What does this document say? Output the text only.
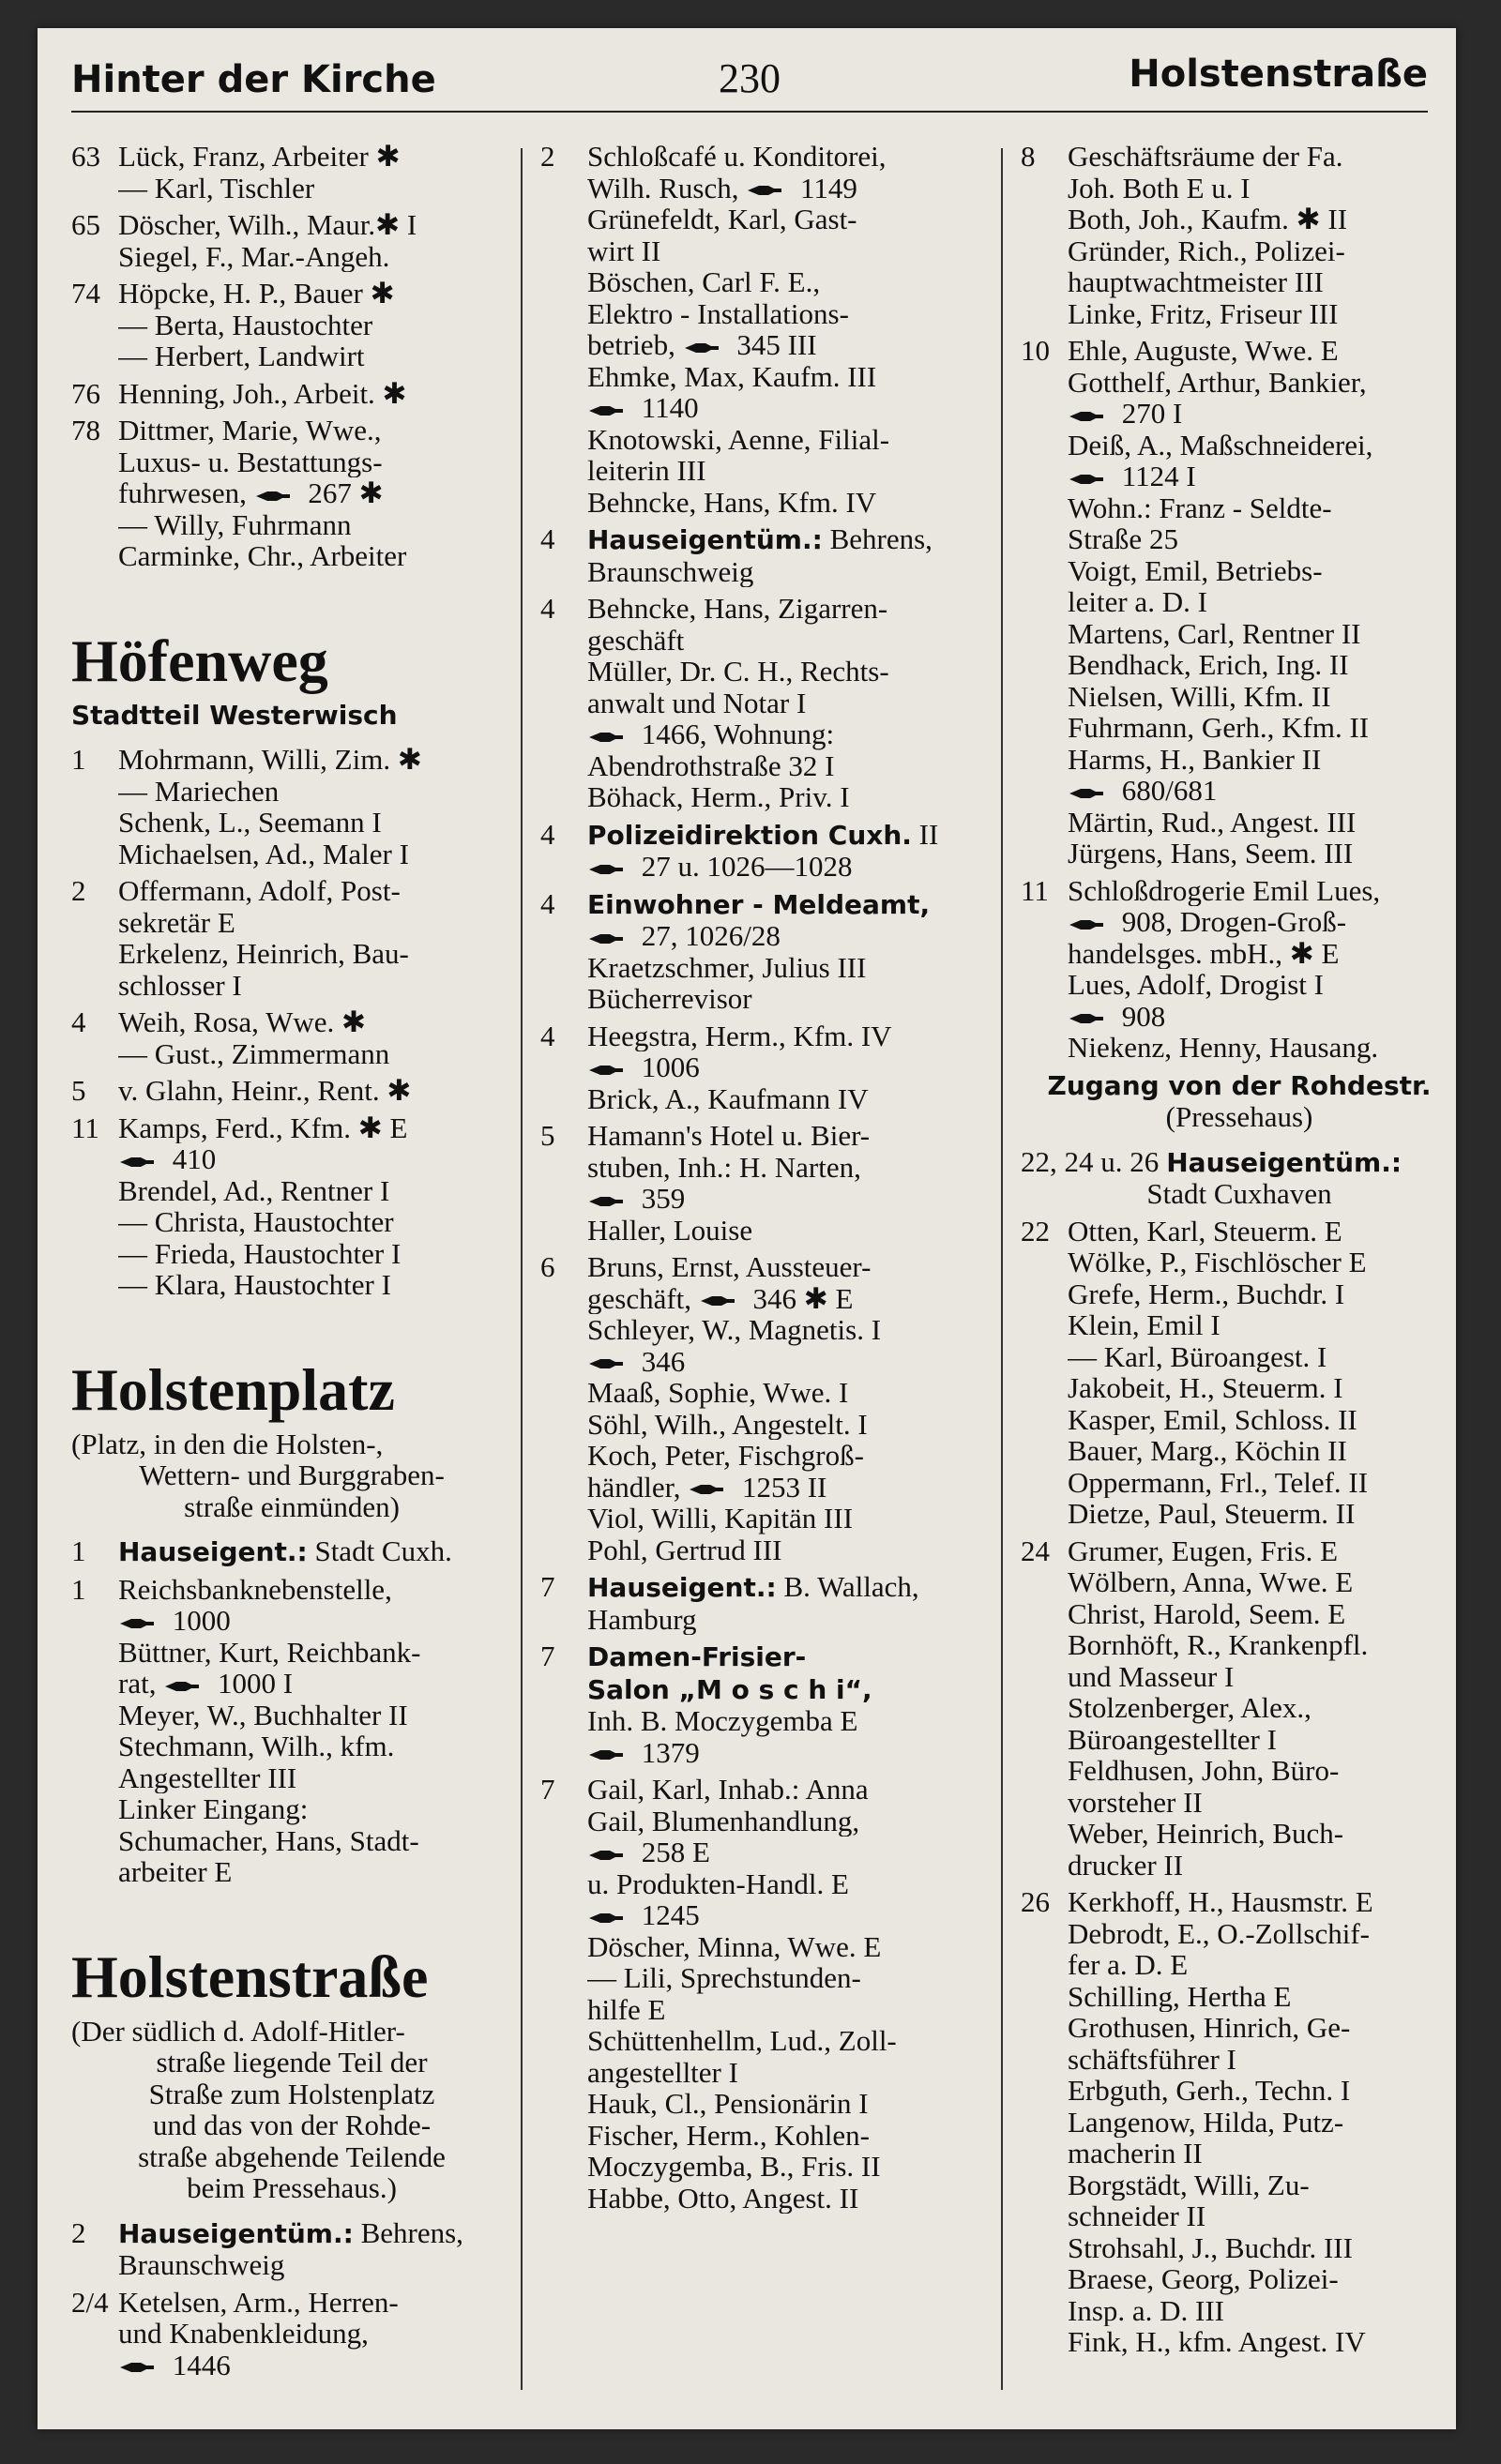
Hinter der Kirche	230	Holstenstraße
63 Lück, Franz, Arbeiter ✱
— Karl, Tischler
65 Döscher, Wilh., Maur.✱ I
Siegel, F., Mar.-Angeh.
74 Höpcke, H. P., Bauer ✱
— Berta, Haustochter
— Herbert, Landwirt
76 Henning, Joh., Arbeit. ✱
78 Dittmer, Marie, Wwe.,
Luxus- u. Bestattungs-
fuhrwesen,  267 ✱
— Willy, Fuhrmann
Carminke, Chr., Arbeiter
Höfenweg
Stadtteil Westerwisch
1	Mohrmann, Willi, Zim. ✱
— Mariechen
Schenk, L., Seemann I
Michaelsen, Ad., Maler I
2	Offermann, Adolf, Post-
sekretär E
Erkelenz, Heinrich, Bau-
schlosser I
4	Weih, Rosa, Wwe. ✱
— Gust., Zimmermann
5	v. Glahn, Heinr., Rent. ✱
11 Kamps, Ferd., Kfm. ✱ E
410
Brendel, Ad., Rentner I
— Christa, Haustochter
— Frieda, Haustochter I
— Klara, Haustochter I
Holstenplatz
(Platz, in den die Holsten-,
Wettern- und Burggraben-
straße einmünden)
1	Hauseigent.: Stadt Cuxh.
1	Reichsbanknebenstelle,
1000
Büttner, Kurt, Reichbank-
rat,  1000 I
Meyer, W., Buchhalter II
Stechmann, Wilh., kfm.
Angestellter III
Linker Eingang:
Schumacher, Hans, Stadt-
arbeiter E
Holstenstraße
(Der südlich d. Adolf-Hitler-
straße liegende Teil der
Straße zum Holstenplatz
und das von der Rohde-
straße abgehende Teilende
beim Pressehaus.)
2	Hauseigentüm.: Behrens,
Braunschweig
2/4 Ketelsen, Arm., Herren-
und Knabenkleidung,
1446
2	Schloßcafé u. Konditorei,
Wilh. Rusch,  1149
Grünefeldt, Karl, Gast-
wirt II
Böschen, Carl F. E.,
Elektro - Installations-
betrieb,  345 III
Ehmke, Max, Kaufm. III
1140
Knotowski, Aenne, Filial-
leiterin III
Behncke, Hans, Kfm. IV
4	Hauseigentüm.: Behrens,
Braunschweig
4	Behncke, Hans, Zigarren-
geschäft
Müller, Dr. C. H., Rechts-
anwalt und Notar I
1466, Wohnung:
Abendrothstraße 32 I
Böhack, Herm., Priv. I
4	Polizeidirektion Cuxh. II
27 u. 1026—1028
4	Einwohner - Meldeamt,
27, 1026/28
Kraetzschmer, Julius III
Bücherrevisor
4	Heegstra, Herm., Kfm. IV
1006
Brick, A., Kaufmann IV
5	Hamann's Hotel u. Bier-
stuben, Inh.: H. Narten,
359
Haller, Louise
6	Bruns, Ernst, Aussteuer-
geschäft,  346 ✱ E
Schleyer, W., Magnetis. I
346
Maaß, Sophie, Wwe. I
Söhl, Wilh., Angestelt. I
Koch, Peter, Fischgroß-
händler,  1253 II
Viol, Willi, Kapitän III
Pohl, Gertrud III
7	Hauseigent.: B. Wallach,
Hamburg
7	Damen-Frisier-
Salon „M o s c h i“,
Inh. B. Moczygemba E
1379
7	Gail, Karl, Inhab.: Anna
Gail, Blumenhandlung,
258 E
u. Produkten-Handl. E
1245
Döscher, Minna, Wwe. E
— Lili, Sprechstunden-
hilfe E
Schüttenhellm, Lud., Zoll-
angestellter I
Hauk, Cl., Pensionärin I
Fischer, Herm., Kohlen-
Moczygemba, B., Fris. II
Habbe, Otto, Angest. II
8	Geschäftsräume der Fa.
Joh. Both E u. I
Both, Joh., Kaufm. ✱ II
Gründer, Rich., Polizei-
hauptwachtmeister III
Linke, Fritz, Friseur III
10 Ehle, Auguste, Wwe. E
Gotthelf, Arthur, Bankier,
270 I
Deiß, A., Maßschneiderei,
1124 I
Wohn.: Franz - Seldte-
Straße 25
Voigt, Emil, Betriebs-
leiter a. D. I
Martens, Carl, Rentner II
Bendhack, Erich, Ing. II
Nielsen, Willi, Kfm. II
Fuhrmann, Gerh., Kfm. II
Harms, H., Bankier II
680/681
Märtin, Rud., Angest. III
Jürgens, Hans, Seem. III
11 Schloßdrogerie Emil Lues,
908, Drogen-Groß-
handelsges. mbH., ✱ E
Lues, Adolf, Drogist I
908
Niekenz, Henny, Hausang.
Zugang von der Rohdestr.
(Pressehaus)
22, 24 u. 26 Hauseigentüm.:
Stadt Cuxhaven
22 Otten, Karl, Steuerm. E
Wölke, P., Fischlöscher E
Grefe, Herm., Buchdr. I
Klein, Emil I
— Karl, Büroangest. I
Jakobeit, H., Steuerm. I
Kasper, Emil, Schloss. II
Bauer, Marg., Köchin II
Oppermann, Frl., Telef. II
Dietze, Paul, Steuerm. II
24 Grumer, Eugen, Fris. E
Wölbern, Anna, Wwe. E
Christ, Harold, Seem. E
Bornhöft, R., Krankenpfl.
und Masseur I
Stolzenberger, Alex.,
Büroangestellter I
Feldhusen, John, Büro-
vorsteher II
Weber, Heinrich, Buch-
drucker II
26 Kerkhoff, H., Hausmstr. E
Debrodt, E., O.-Zollschif-
fer a. D. E
Schilling, Hertha E
Grothusen, Hinrich, Ge-
schäftsführer I
Erbguth, Gerh., Techn. I
Langenow, Hilda, Putz-
macherin II
Borgstädt, Willi, Zu-
schneider II
Strohsahl, J., Buchdr. III
Braese, Georg, Polizei-
Insp. a. D. III
Fink, H., kfm. Angest. IV
